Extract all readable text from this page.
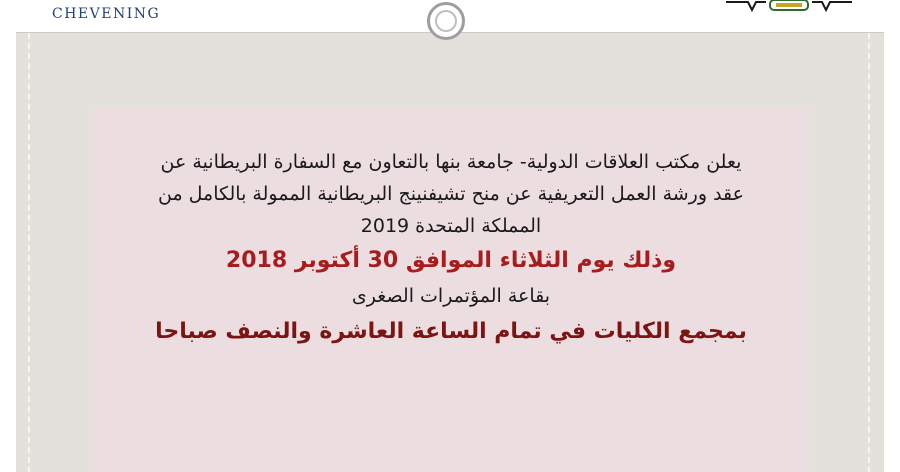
CHEVENING
يعلن مكتب العلاقات الدولية- جامعة بنها بالتعاون مع السفارة البريطانية عن
عقد ورشة العمل التعريفية عن منح تشيفنينج البريطانية الممولة بالكامل من
المملكة المتحدة 2019
وذلك يوم الثلاثاء الموافق 30 أكتوبر 2018
بقاعة المؤتمرات الصغرى
بمجمع الكليات في تمام الساعة العاشرة والنصف صباحا
